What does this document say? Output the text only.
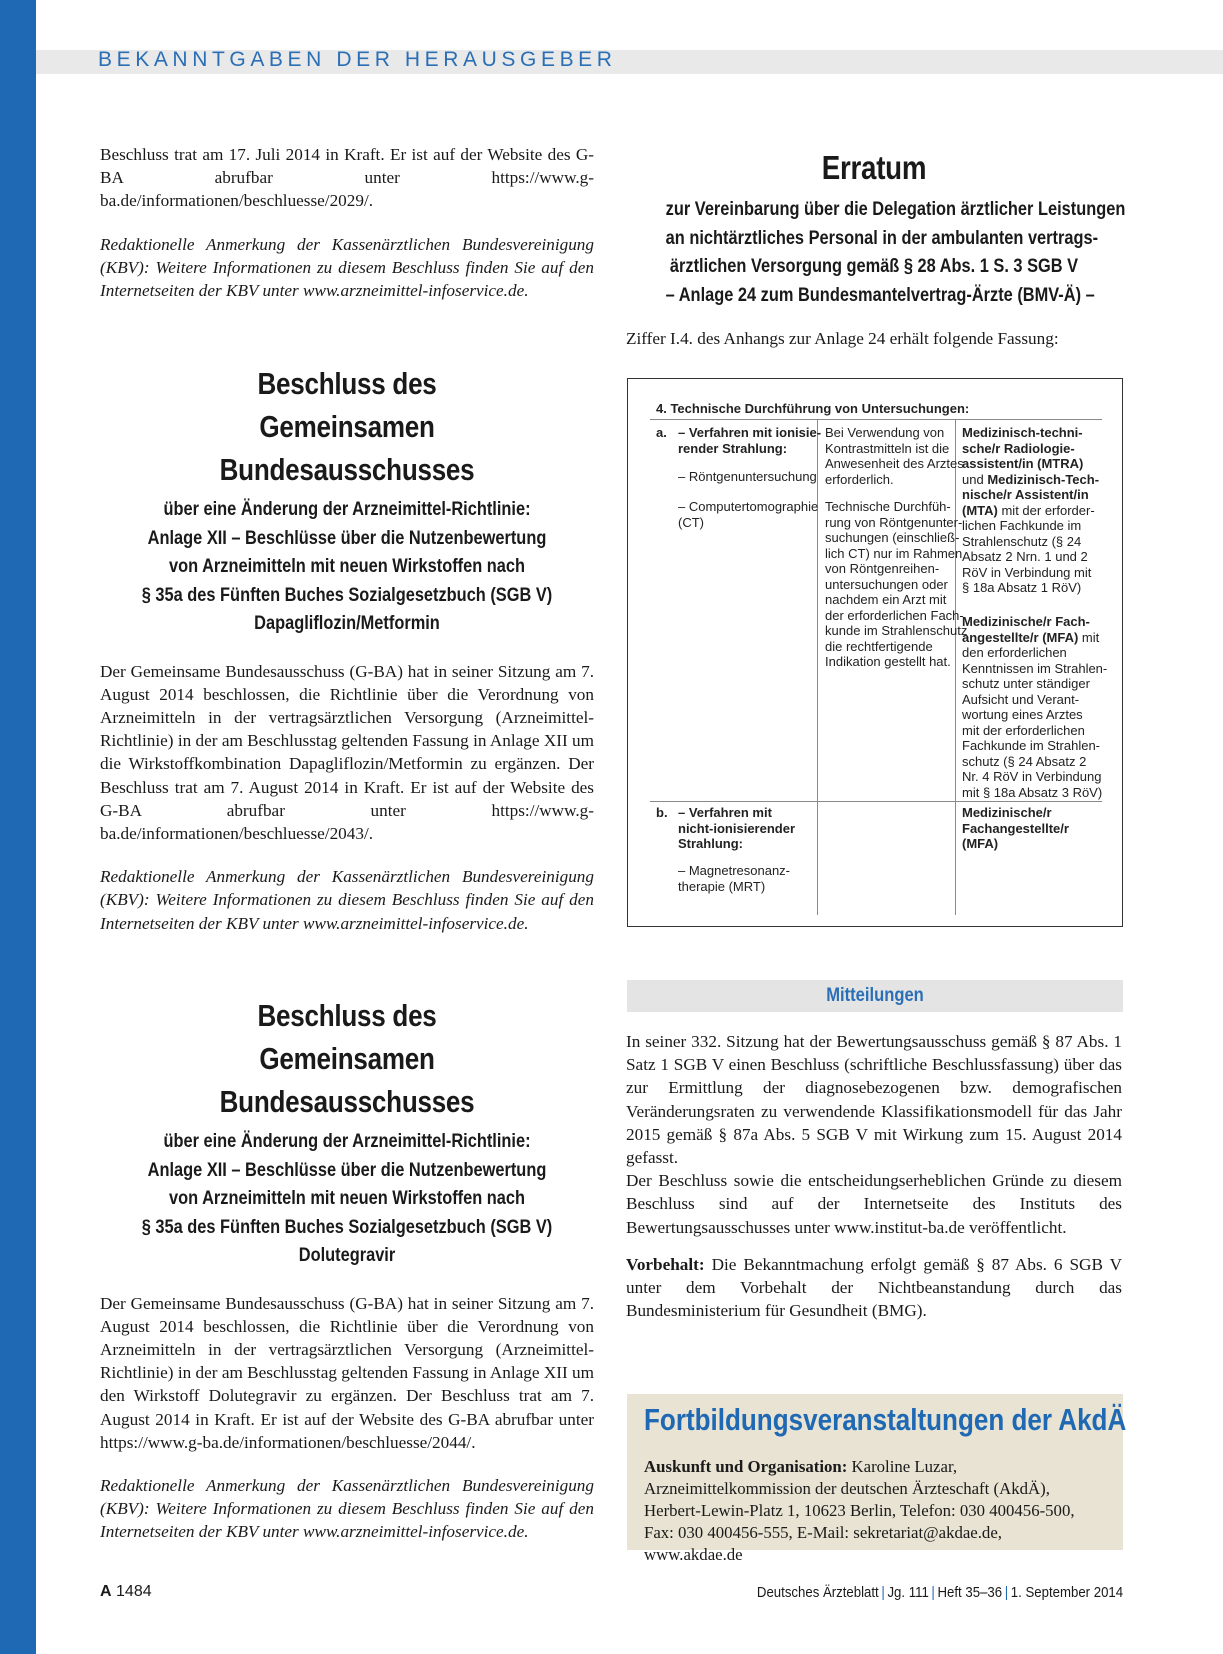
BEKANNTGABEN DER HERAUSGEBER

Beschluss trat am 17. Juli 2014 in Kraft. Er ist auf der Website des G-BA abrufbar unter https://www.g-ba.de/informationen/beschluesse/2029/.

Redaktionelle Anmerkung der Kassenärztlichen Bundesvereinigung (KBV): Weitere Informationen zu diesem Beschluss finden Sie auf den Internetseiten der KBV unter www.arzneimittel-infoservice.de.

Beschluss des
Gemeinsamen Bundesausschusses
über eine Änderung der Arzneimittel-Richtlinie:
Anlage XII – Beschlüsse über die Nutzenbewertung
von Arzneimitteln mit neuen Wirkstoffen nach
§ 35a des Fünften Buches Sozialgesetzbuch (SGB V)
Dapagliflozin/Metformin

Der Gemeinsame Bundesausschuss (G-BA) hat in seiner Sitzung am 7. August 2014 beschlossen, die Richtlinie über die Verordnung von Arzneimitteln in der vertragsärztlichen Versorgung (Arzneimittel-Richtlinie) in der am Beschlusstag geltenden Fassung in Anlage XII um die Wirkstoffkombination Dapagliflozin/Metformin zu ergänzen. Der Beschluss trat am 7. August 2014 in Kraft. Er ist auf der Website des G-BA abrufbar unter https://www.g-ba.de/informationen/beschluesse/2043/.

Redaktionelle Anmerkung der Kassenärztlichen Bundesvereinigung (KBV): Weitere Informationen zu diesem Beschluss finden Sie auf den Internetseiten der KBV unter www.arzneimittel-infoservice.de.

Beschluss des
Gemeinsamen Bundesausschusses
über eine Änderung der Arzneimittel-Richtlinie:
Anlage XII – Beschlüsse über die Nutzenbewertung
von Arzneimitteln mit neuen Wirkstoffen nach
§ 35a des Fünften Buches Sozialgesetzbuch (SGB V)
Dolutegravir

Der Gemeinsame Bundesausschuss (G-BA) hat in seiner Sitzung am 7. August 2014 beschlossen, die Richtlinie über die Verordnung von Arzneimitteln in der vertragsärztlichen Versorgung (Arzneimittel-Richtlinie) in der am Beschlusstag geltenden Fassung in Anlage XII um den Wirkstoff Dolutegravir zu ergänzen. Der Beschluss trat am 7. August 2014 in Kraft. Er ist auf der Website des G-BA abrufbar unter https://www.g-ba.de/informationen/beschluesse/2044/.

Redaktionelle Anmerkung der Kassenärztlichen Bundesvereinigung (KBV): Weitere Informationen zu diesem Beschluss finden Sie auf den Internetseiten der KBV unter www.arzneimittel-infoservice.de.

Erratum
zur Vereinbarung über die Delegation ärztlicher Leistungen
an nichtärztliches Personal in der ambulanten vertrags-
ärztlichen Versorgung gemäß § 28 Abs. 1 S. 3 SGB V
– Anlage 24 zum Bundesmantelvertrag-Ärzte (BMV-Ä) –

Ziffer I.4. des Anhangs zur Anlage 24 erhält folgende Fassung:

4. Technische Durchführung von Untersuchungen:
a. – Verfahren mit ionisie-
render Strahlung:
– Röntgenuntersuchung
– Computertomographie
(CT)
Bei Verwendung von
Kontrastmitteln ist die
Anwesenheit des Arztes
erforderlich.
Technische Durchfüh-
rung von Röntgenunter-
suchungen (einschließ-
lich CT) nur im Rahmen
von Röntgenreihen-
untersuchungen oder
nachdem ein Arzt mit
der erforderlichen Fach-
kunde im Strahlenschutz
die rechtfertigende
Indikation gestellt hat.
Medizinisch-techni-
sche/r Radiologie-
assistent/in (MTRA)
und Medizinisch-Tech-
nische/r Assistent/in
(MTA) mit der erforder-
lichen Fachkunde im
Strahlenschutz (§ 24
Absatz 2 Nrn. 1 und 2
RöV in Verbindung mit
§ 18a Absatz 1 RöV)
Medizinische/r Fach-
angestellte/r (MFA) mit
den erforderlichen
Kenntnissen im Strahlen-
schutz unter ständiger
Aufsicht und Verant-
wortung eines Arztes
mit der erforderlichen
Fachkunde im Strahlen-
schutz (§ 24 Absatz 2
Nr. 4 RöV in Verbindung
mit § 18a Absatz 3 RöV)
b. – Verfahren mit
nicht-ionisierender
Strahlung:
– Magnetresonanz-
therapie (MRT)
Medizinische/r
Fachangestellte/r
(MFA)
Mitteilungen

In seiner 332. Sitzung hat der Bewertungsausschuss gemäß § 87 Abs. 1 Satz 1 SGB V einen Beschluss (schriftliche Beschlussfassung) über das zur Ermittlung der diagnosebezogenen bzw. demografischen Veränderungsraten zu verwendende Klassifikationsmodell für das Jahr 2015 gemäß § 87a Abs. 5 SGB V mit Wirkung zum 15. August 2014 gefasst.

Der Beschluss sowie die entscheidungserheblichen Gründe zu diesem Beschluss sind auf der Internetseite des Instituts des Bewertungsausschusses unter www.institut-ba.de veröffentlicht.

Vorbehalt: Die Bekanntmachung erfolgt gemäß § 87 Abs. 6 SGB V unter dem Vorbehalt der Nichtbeanstandung durch das Bundesministerium für Gesundheit (BMG).

Fortbildungsveranstaltungen der AkdÄ
Auskunft und Organisation: Karoline Luzar, Arzneimittelkommission der deutschen Ärzteschaft (AkdÄ), Herbert-Lewin-Platz 1, 10623 Berlin, Telefon: 030 400456-500, Fax: 030 400456-555, E-Mail: sekretariat@akdae.de, www.akdae.de
A 1484	Deutsches Ärzteblatt | Jg. 111 | Heft 35–36 | 1. September 2014
